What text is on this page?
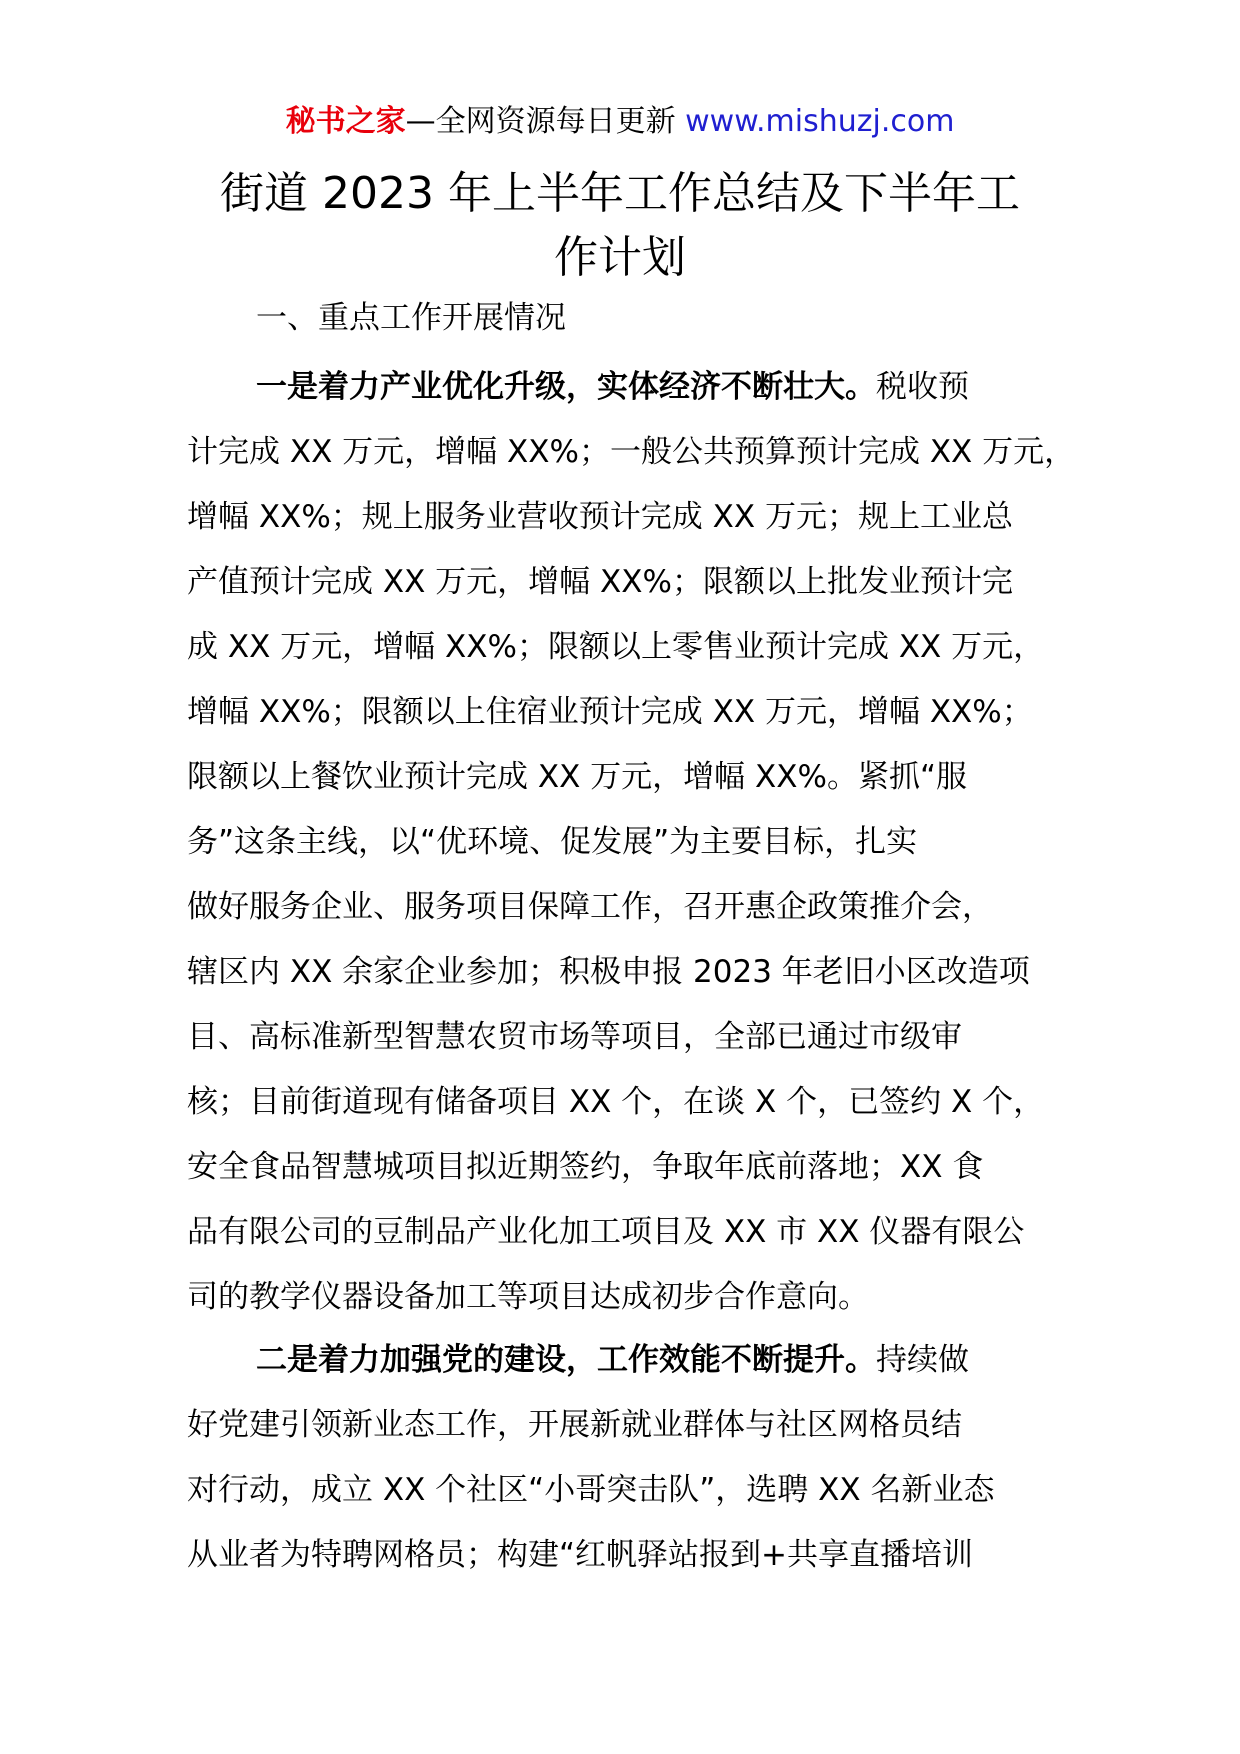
秘书之家—全网资源每日更新 www.mishuzj.com
街道 2023 年上半年工作总结及下半年工
作计划
一、重点工作开展情况
一是着力产业优化升级，实体经济不断壮大。税收预
计完成 XX 万元，增幅 XX%；一般公共预算预计完成 XX 万元，
增幅 XX%；规上服务业营收预计完成 XX 万元；规上工业总
产值预计完成 XX 万元，增幅 XX%；限额以上批发业预计完
成 XX 万元，增幅 XX%；限额以上零售业预计完成 XX 万元，
增幅 XX%；限额以上住宿业预计完成 XX 万元，增幅 XX%；
限额以上餐饮业预计完成 XX 万元，增幅 XX%。紧抓“服
务”这条主线，以“优环境、促发展”为主要目标，扎实
做好服务企业、服务项目保障工作，召开惠企政策推介会，
辖区内 XX 余家企业参加；积极申报 2023 年老旧小区改造项
目、高标准新型智慧农贸市场等项目，全部已通过市级审
核；目前街道现有储备项目 XX 个，在谈 X 个，已签约 X 个，
安全食品智慧城项目拟近期签约，争取年底前落地；XX 食
品有限公司的豆制品产业化加工项目及 XX 市 XX 仪器有限公
司的教学仪器设备加工等项目达成初步合作意向。
二是着力加强党的建设，工作效能不断提升。持续做
好党建引领新业态工作，开展新就业群体与社区网格员结
对行动，成立 XX 个社区“小哥突击队”，选聘 XX 名新业态
从业者为特聘网格员；构建“红帆驿站报到+共享直播培训
